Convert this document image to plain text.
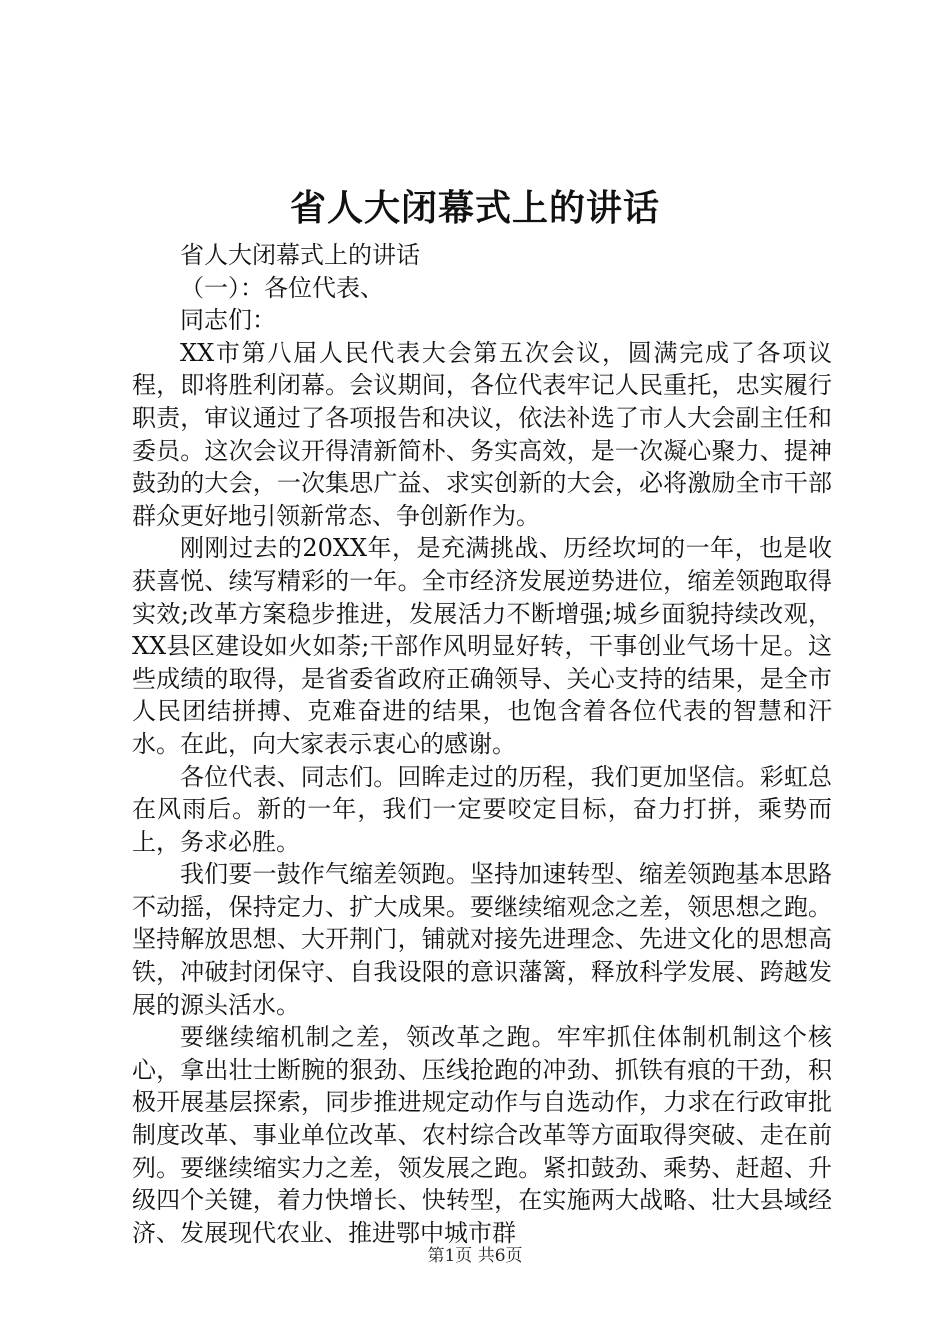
省人大闭幕式上的讲话

省人大闭幕式上的讲话

（一）：各位代表、

同志们：

XX市第八届人民代表大会第五次会议，圆满完成了各项议程，即将胜利闭幕。会议期间，各位代表牢记人民重托，忠实履行职责，审议通过了各项报告和决议，依法补选了市人大会副主任和委员。这次会议开得清新简朴、务实高效，是一次凝心聚力、提神鼓劲的大会，一次集思广益、求实创新的大会，必将激励全市干部群众更好地引领新常态、争创新作为。

刚刚过去的20XX年，是充满挑战、历经坎坷的一年，也是收获喜悦、续写精彩的一年。全市经济发展逆势进位，缩差领跑取得实效;改革方案稳步推进，发展活力不断增强;城乡面貌持续改观，XX县区建设如火如荼;干部作风明显好转，干事创业气场十足。这些成绩的取得，是省委省政府正确领导、关心支持的结果，是全市人民团结拼搏、克难奋进的结果，也饱含着各位代表的智慧和汗水。在此，向大家表示衷心的感谢。

各位代表、同志们。回眸走过的历程，我们更加坚信。彩虹总在风雨后。新的一年，我们一定要咬定目标，奋力打拼，乘势而上，务求必胜。

我们要一鼓作气缩差领跑。坚持加速转型、缩差领跑基本思路不动摇，保持定力、扩大成果。要继续缩观念之差，领思想之跑。坚持解放思想、大开荆门，铺就对接先进理念、先进文化的思想高铁，冲破封闭保守、自我设限的意识藩篱，释放科学发展、跨越发展的源头活水。

要继续缩机制之差，领改革之跑。牢牢抓住体制机制这个核心，拿出壮士断腕的狠劲、压线抢跑的冲劲、抓铁有痕的干劲，积极开展基层探索，同步推进规定动作与自选动作，力求在行政审批制度改革、事业单位改革、农村综合改革等方面取得突破、走在前列。要继续缩实力之差，领发展之跑。紧扣鼓劲、乘势、赶超、升级四个关键，着力快增长、快转型，在实施两大战略、壮大县域经济、发展现代农业、推进鄂中城市群

第1页 共6页
